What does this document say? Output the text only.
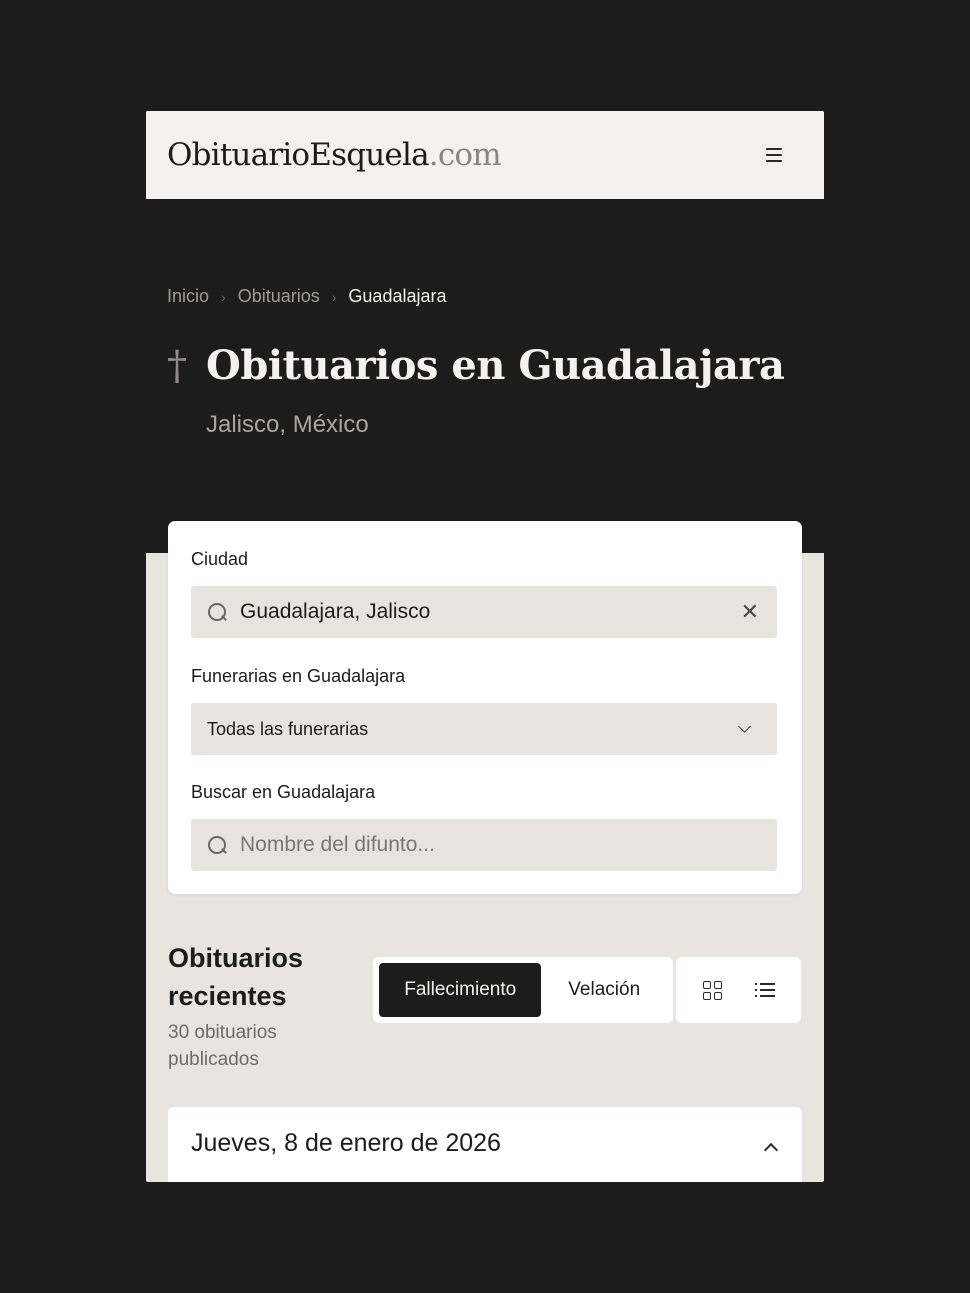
ObituarioEsquela.com
Inicio › Obituarios › Guadalajara
† Obituarios en Guadalajara
Jalisco, México
Ciudad
Guadalajara, Jalisco	✕
Funerarias en Guadalajara
Todas las funerarias
Buscar en Guadalajara
Nombre del difunto...
Obituarios recientes
30 obituarios publicados
Fallecimiento	Velación
Jueves, 8 de enero de 2026
